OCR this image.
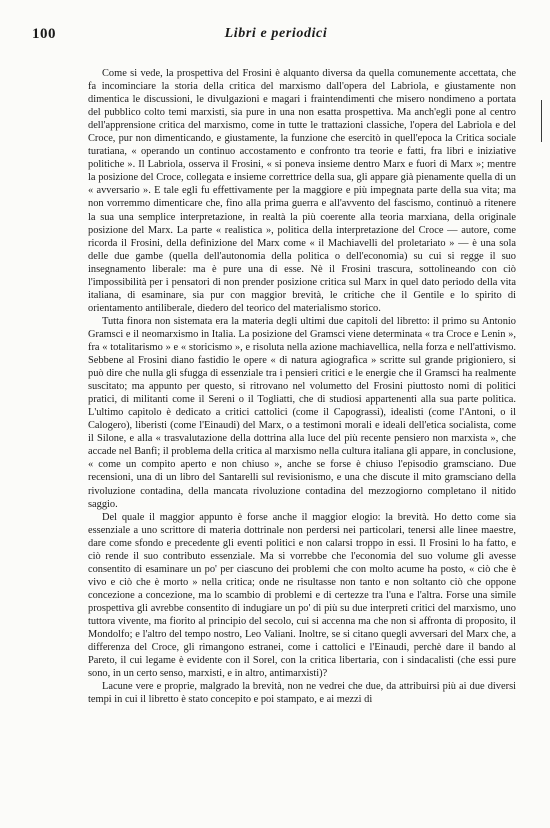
100	Libri e periodici

Come si vede, la prospettiva del Frosini è alquanto diversa da quella comunemente accettata, che fa incominciare la storia della critica del marxismo dall'opera del Labriola, e giustamente non dimentica le discussioni, le divulgazioni e magari i fraintendimenti che misero nondimeno a portata del pubblico colto temi marxisti, sia pure in una non esatta prospettiva. Ma anch'egli pone al centro dell'apprensione critica del marxismo, come in tutte le trattazioni classiche, l'opera del Labriola e del Croce, pur non dimenticando, e giustamente, la funzione che esercitò in quell'epoca la Critica sociale turatiana, « operando un continuo accostamento e confronto tra teorie e fatti, fra libri e iniziative politiche ». Il Labriola, osserva il Frosini, « si poneva insieme dentro Marx e fuori di Marx »; mentre la posizione del Croce, collegata e insieme correttrice della sua, gli appare già pienamente quella di un « avversario ». E tale egli fu effettivamente per la maggiore e più impegnata parte della sua vita; ma non vorremmo dimenticare che, fino alla prima guerra e all'avvento del fascismo, continuò a ritenere la sua una semplice interpretazione, in realtà la più coerente alla teoria marxiana, della originale posizione del Marx. La parte « realistica », politica della interpretazione del Croce — autore, come ricorda il Frosini, della definizione del Marx come « il Machiavelli del proletariato » — è una sola delle due gambe (quella dell'autonomia della politica o dell'economia) su cui si regge il suo insegnamento liberale: ma è pure una di esse. Nè il Frosini trascura, sottolineando con ciò l'impossibilità per i pensatori di non prender posizione critica sul Marx in quel dato periodo della vita italiana, di esaminare, sia pur con maggior brevità, le critiche che il Gentile e lo spirito di orientamento antiliberale, diedero del teorico del materialismo storico.

Tutta finora non sistemata era la materia degli ultimi due capitoli del libretto: il primo su Antonio Gramsci e il neomarxismo in Italia. La posizione del Gramsci viene determinata « tra Croce e Lenin », fra « totalitarismo » e « storicismo », e risoluta nella azione machiavellica, nella forza e nell'attivismo. Sebbene al Frosini diano fastidio le opere « di natura agiografica » scritte sul grande prigioniero, si può dire che nulla gli sfugga di essenziale tra i pensieri critici e le energie che il Gramsci ha realmente suscitato; ma appunto per questo, si ritrovano nel volumetto del Frosini piuttosto nomi di politici pratici, di militanti come il Sereni o il Togliatti, che di studiosi appartenenti alla sua parte politica. L'ultimo capitolo è dedicato a critici cattolici (come il Capograssi), idealisti (come l'Antoni, o il Calogero), liberisti (come l'Einaudi) del Marx, o a testimoni morali e ideali dell'etica socialista, come il Silone, e alla « trasvalutazione della dottrina alla luce del più recente pensiero non marxista », che accade nel Banfi; il problema della critica al marxismo nella cultura italiana gli appare, in conclusione, « come un compito aperto e non chiuso », anche se forse è chiuso l'episodio gramsciano. Due recensioni, una di un libro del Santarelli sul revisionismo, e una che discute il mito gramsciano della rivoluzione contadina, della mancata rivoluzione contadina del mezzogiorno completano il nitido saggio.

Del quale il maggior appunto è forse anche il maggior elogio: la brevità. Ho detto come sia essenziale a uno scrittore di materia dottrinale non perdersi nei particolari, tenersi alle linee maestre, dare come sfondo e precedente gli eventi politici e non calarsi troppo in essi. Il Frosini lo ha fatto, e ciò rende il suo contributo essenziale. Ma si vorrebbe che l'economia del suo volume gli avesse consentito di esaminare un po' per ciascuno dei problemi che con molto acume ha posto, « ciò che è vivo e ciò che è morto » nella critica; onde ne risultasse non tanto e non soltanto ciò che oppone concezione a concezione, ma lo scambio di problemi e di certezze tra l'una e l'altra. Forse una simile prospettiva gli avrebbe consentito di indugiare un po' di più su due interpreti critici del marxismo, uno tuttora vivente, ma fiorito al principio del secolo, cui si accenna ma che non si affronta di proposito, il Mondolfo; e l'altro del tempo nostro, Leo Valiani. Inoltre, se si citano quegli avversari del Marx che, a differenza del Croce, gli rimangono estranei, come i cattolici e l'Einaudi, perchè dare il bando al Pareto, il cui legame è evidente con il Sorel, con la critica libertaria, con i sindacalisti (che essi pure sono, in un certo senso, marxisti, e in altro, antimarxisti)?

Lacune vere e proprie, malgrado la brevità, non ne vedrei che due, da attribuirsi più ai due diversi tempi in cui il libretto è stato concepito e poi stampato, e ai mezzi di
